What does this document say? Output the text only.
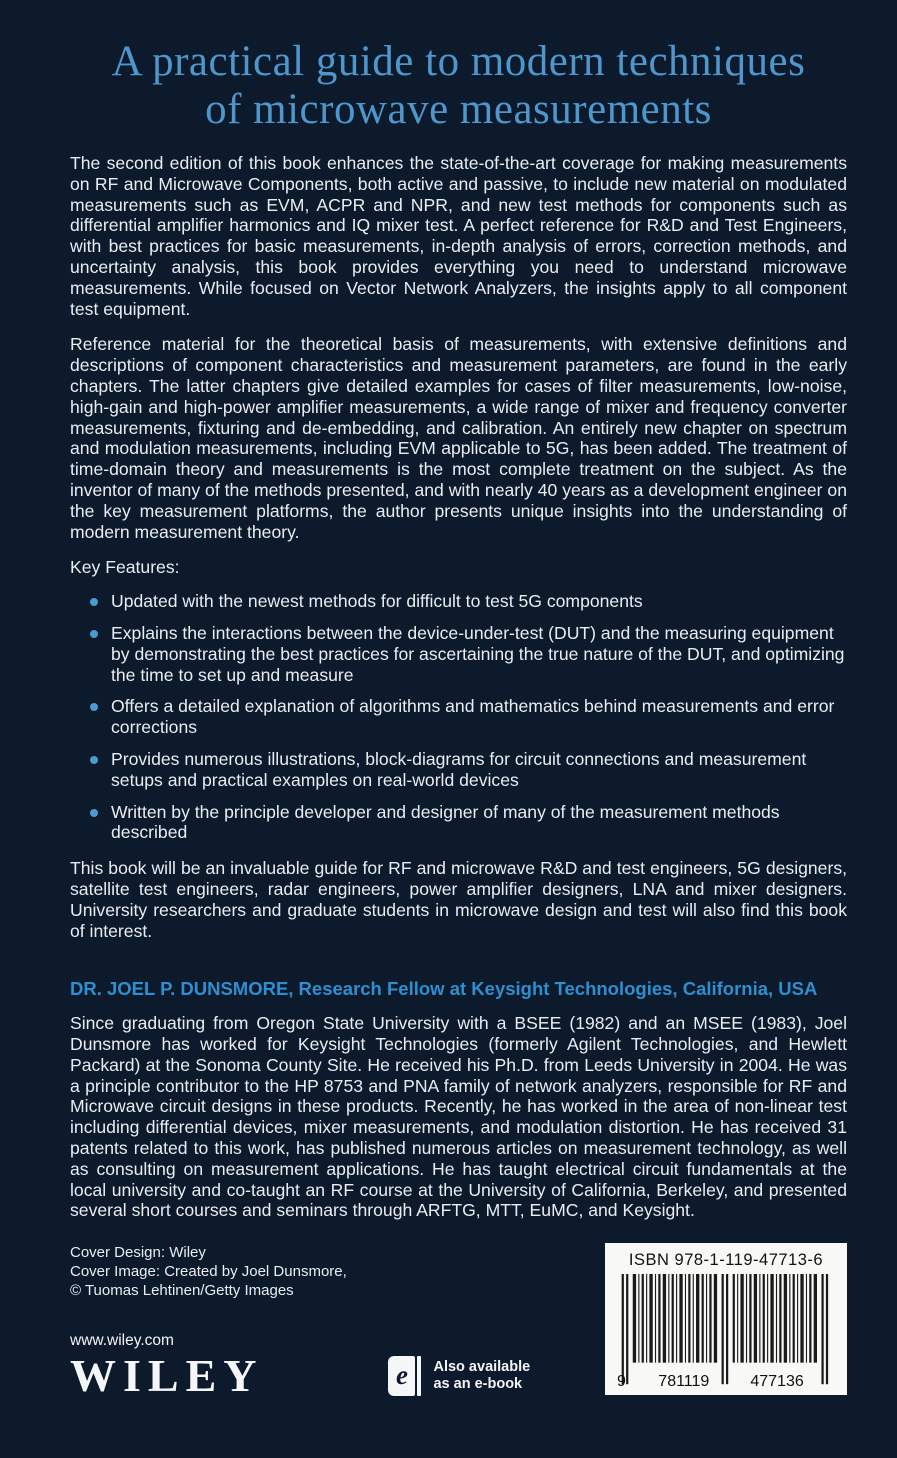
A practical guide to modern techniques
of microwave measurements

The second edition of this book enhances the state-of-the-art coverage for making measurements on RF and Microwave Components, both active and passive, to include new material on modulated measurements such as EVM, ACPR and NPR, and new test methods for components such as differential amplifier harmonics and IQ mixer test. A perfect reference for R&D and Test Engineers, with best practices for basic measurements, in-depth analysis of errors, correction methods, and uncertainty analysis, this book provides everything you need to understand microwave measurements. While focused on Vector Network Analyzers, the insights apply to all component test equipment.

Reference material for the theoretical basis of measurements, with extensive definitions and descriptions of component characteristics and measurement parameters, are found in the early chapters. The latter chapters give detailed examples for cases of filter measurements, low-noise, high-gain and high-power amplifier measurements, a wide range of mixer and frequency converter measurements, fixturing and de-embedding, and calibration. An entirely new chapter on spectrum and modulation measurements, including EVM applicable to 5G, has been added. The treatment of time-domain theory and measurements is the most complete treatment on the subject. As the inventor of many of the methods presented, and with nearly 40 years as a development engineer on the key measurement platforms, the author presents unique insights into the understanding of modern measurement theory.

Key Features:
Updated with the newest methods for difficult to test 5G components
Explains the interactions between the device-under-test (DUT) and the measuring equipment by demonstrating the best practices for ascertaining the true nature of the DUT, and optimizing the time to set up and measure
Offers a detailed explanation of algorithms and mathematics behind measurements and error corrections
Provides numerous illustrations, block-diagrams for circuit connections and measurement setups and practical examples on real-world devices
Written by the principle developer and designer of many of the measurement methods described

This book will be an invaluable guide for RF and microwave R&D and test engineers, 5G designers, satellite test engineers, radar engineers, power amplifier designers, LNA and mixer designers. University researchers and graduate students in microwave design and test will also find this book of interest.

DR. JOEL P. DUNSMORE, Research Fellow at Keysight Technologies, California, USA

Since graduating from Oregon State University with a BSEE (1982) and an MSEE (1983), Joel Dunsmore has worked for Keysight Technologies (formerly Agilent Technologies, and Hewlett Packard) at the Sonoma County Site. He received his Ph.D. from Leeds University in 2004. He was a principle contributor to the HP 8753 and PNA family of network analyzers, responsible for RF and Microwave circuit designs in these products. Recently, he has worked in the area of non-linear test including differential devices, mixer measurements, and modulation distortion. He has received 31 patents related to this work, has published numerous articles on measurement technology, as well as consulting on measurement applications. He has taught electrical circuit fundamentals at the local university and co-taught an RF course at the University of California, Berkeley, and presented several short courses and seminars through ARFTG, MTT, EuMC, and Keysight.

Cover Design: Wiley
Cover Image: Created by Joel Dunsmore,
© Tuomas Lehtinen/Getty Images
www.wiley.com
WILEY	e	Also available
as an e-book
ISBN 978-1-119-47713-6
9	781119	477136
